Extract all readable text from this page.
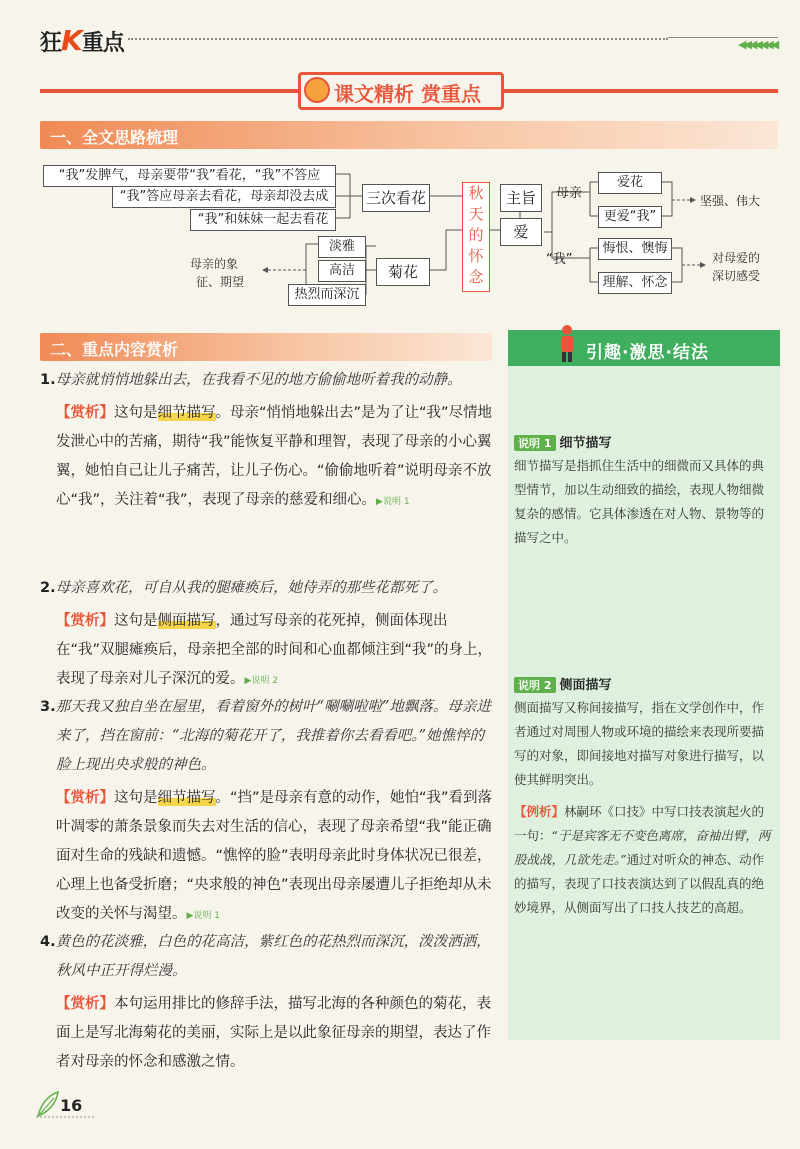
狂K重点	◀◀◀◀◀◀◀
课文精析 赏重点
一、全文思路梳理
“我”发脾气，母亲要带“我”看花，“我”不答应
“我”答应母亲去看花，母亲却没去成
“我”和妹妹一起去看花
三次看花
淡雅
高洁
热烈而深沉
菊花
母亲的象
征、期望
秋
天
的
怀
念
主旨
爱
母亲
爱花
更爱“我”
坚强、伟大
“我”
悔恨、懊悔
理解、怀念
对母爱的
深切感受
二、重点内容赏析
1.母亲就悄悄地躲出去，在我看不见的地方偷偷地听着我的动静。
【赏析】这句是细节描写。母亲“悄悄地躲出去”是为了让“我”尽情地发泄心中的苦痛，期待“我”能恢复平静和理智，表现了母亲的小心翼翼，她怕自己让儿子痛苦，让儿子伤心。“偷偷地听着”说明母亲不放心“我”，关注着“我”，表现了母亲的慈爱和细心。▶说明 1
2.母亲喜欢花，可自从我的腿瘫痪后，她侍弄的那些花都死了。
【赏析】这句是侧面描写，通过写母亲的花死掉，侧面体现出在“我”双腿瘫痪后，母亲把全部的时间和心血都倾注到“我”的身上，表现了母亲对儿子深沉的爱。▶说明 2
3.那天我又独自坐在屋里，看着窗外的树叶“唰唰啦啦”地飘落。母亲进来了，挡在窗前：“北海的菊花开了，我推着你去看看吧。”她憔悴的脸上现出央求般的神色。
【赏析】这句是细节描写。“挡”是母亲有意的动作，她怕“我”看到落叶凋零的萧条景象而失去对生活的信心，表现了母亲希望“我”能正确面对生命的残缺和遗憾。“憔悴的脸”表明母亲此时身体状况已很差，心理上也备受折磨；“央求般的神色”表现出母亲屡遭儿子拒绝却从未改变的关怀与渴望。▶说明 1
4.黄色的花淡雅，白色的花高洁，紫红色的花热烈而深沉，泼泼洒洒，秋风中正开得烂漫。
【赏析】本句运用排比的修辞手法，描写北海的各种颜色的菊花，表面上是写北海菊花的美丽，实际上是以此象征母亲的期望，表达了作者对母亲的怀念和感激之情。
引趣·激思·结法
说明 1 细节描写
细节描写是指抓住生活中的细微而又具体的典型情节，加以生动细致的描绘，表现人物细微复杂的感情。它具体渗透在对人物、景物等的描写之中。
说明 2 侧面描写
侧面描写又称间接描写，指在文学创作中，作者通过对周围人物或环境的描绘来表现所要描写的对象，即间接地对描写对象进行描写，以使其鲜明突出。
【例析】林嗣环《口技》中写口技表演起火的一句：“于是宾客无不变色离席，奋袖出臂，两股战战，几欲先走。”通过对听众的神态、动作的描写，表现了口技表演达到了以假乱真的绝妙境界，从侧面写出了口技人技艺的高超。
16
